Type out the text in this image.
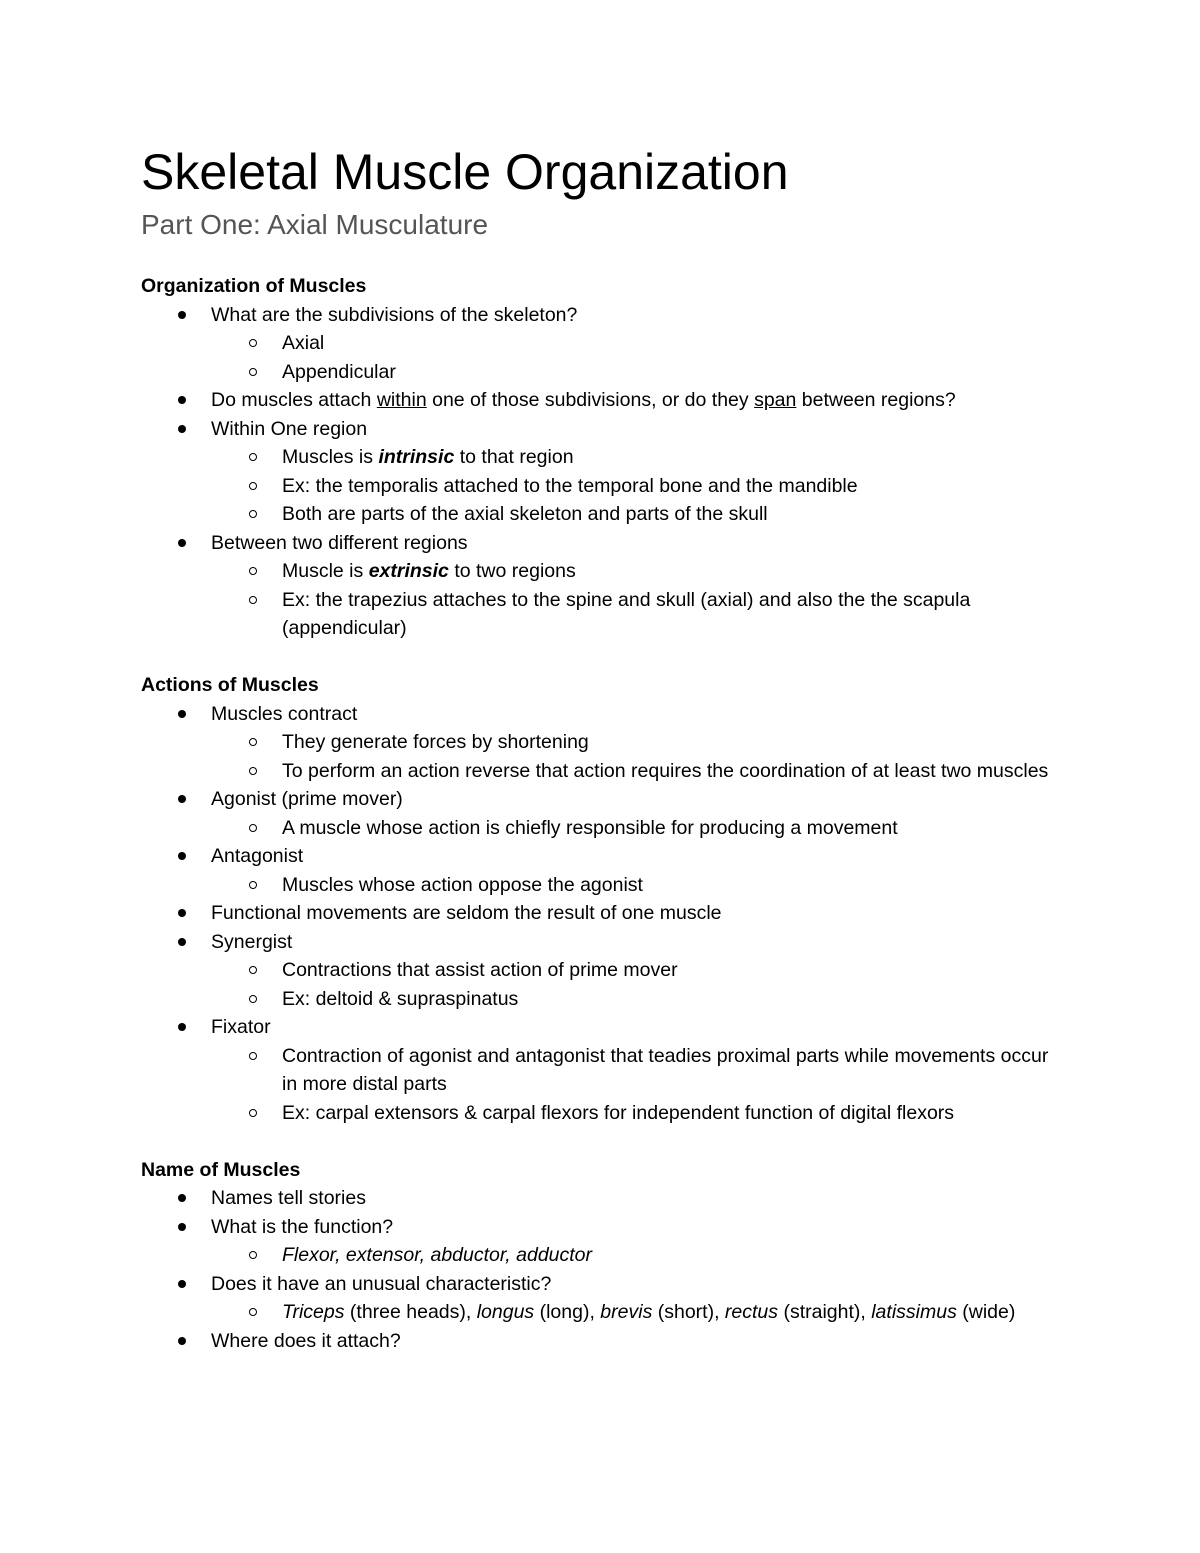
Skeletal Muscle Organization
Part One: Axial Musculature
Organization of Muscles
What are the subdivisions of the skeleton?
Axial
Appendicular
Do muscles attach within one of those subdivisions, or do they span between regions?
Within One region
Muscles is intrinsic to that region
Ex: the temporalis attached to the temporal bone and the mandible
Both are parts of the axial skeleton and parts of the skull
Between two different regions
Muscle is extrinsic to two regions
Ex: the trapezius attaches to the spine and skull (axial) and also the the scapula (appendicular)
Actions of Muscles
Muscles contract
They generate forces by shortening
To perform an action reverse that action requires the coordination of at least two muscles
Agonist (prime mover)
A muscle whose action is chiefly responsible for producing a movement
Antagonist
Muscles whose action oppose the agonist
Functional movements are seldom the result of one muscle
Synergist
Contractions that assist action of prime mover
Ex: deltoid & supraspinatus
Fixator
Contraction of agonist and antagonist that teadies proximal parts while movements occur in more distal parts
Ex: carpal extensors & carpal flexors for independent function of digital flexors
Name of Muscles
Names tell stories
What is the function?
Flexor, extensor, abductor, adductor
Does it have an unusual characteristic?
Triceps (three heads), longus (long), brevis (short), rectus (straight), latissimus (wide)
Where does it attach?
